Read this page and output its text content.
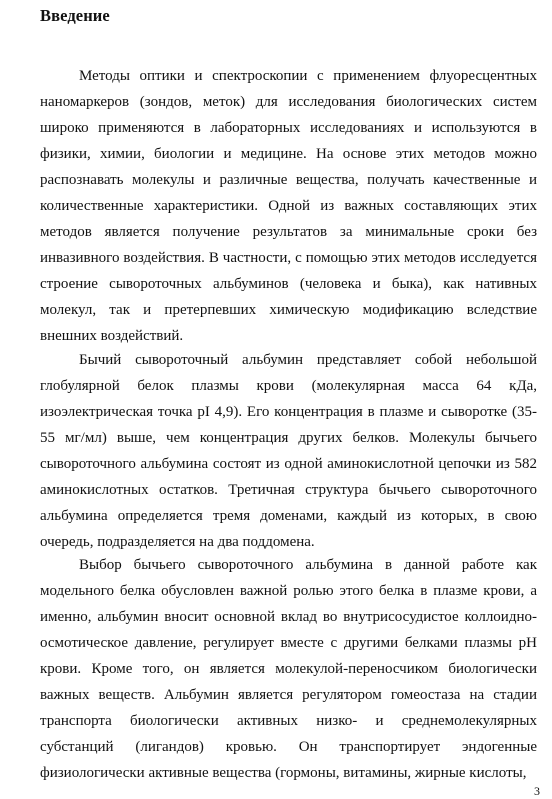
Введение

Методы оптики и спектроскопии с применением флуоресцентных наномаркеров (зондов, меток) для исследования биологических систем широко применяются в лабораторных исследованиях и используются в физики, химии, биологии и медицине. На основе этих методов можно распознавать молекулы и различные вещества, получать качественные и количественные характеристики. Одной из важных составляющих этих методов является получение результатов за минимальные сроки без инвазивного воздействия. В частности, с помощью этих методов исследуется строение сывороточных альбуминов (человека и быка), как нативных молекул, так и претерпевших химическую модификацию вследствие внешних воздействий.

Бычий сывороточный альбумин представляет собой небольшой глобулярной белок плазмы крови (молекулярная масса 64 кДа, изоэлектрическая точка pI 4,9). Его концентрация в плазме и сыворотке (35-55 мг/мл) выше, чем концентрация других белков. Молекулы бычьего сывороточного альбумина состоят из одной аминокислотной цепочки из 582 аминокислотных остатков. Третичная структура бычьего сывороточного альбумина определяется тремя доменами, каждый из которых, в свою очередь, подразделяется на два поддомена.

Выбор бычьего сывороточного альбумина в данной работе как модельного белка обусловлен важной ролью этого белка в плазме крови, а именно, альбумин вносит основной вклад во внутрисосудистое коллоидно-осмотическое давление, регулирует вместе с другими белками плазмы pH крови. Кроме того, он является молекулой-переносчиком биологически важных веществ. Альбумин является регулятором гомеостаза на стадии транспорта биологически активных низко- и среднемолекулярных субстанций (лигандов) кровью. Он транспортирует эндогенные физиологически активные вещества (гормоны, витамины, жирные кислоты,

3
